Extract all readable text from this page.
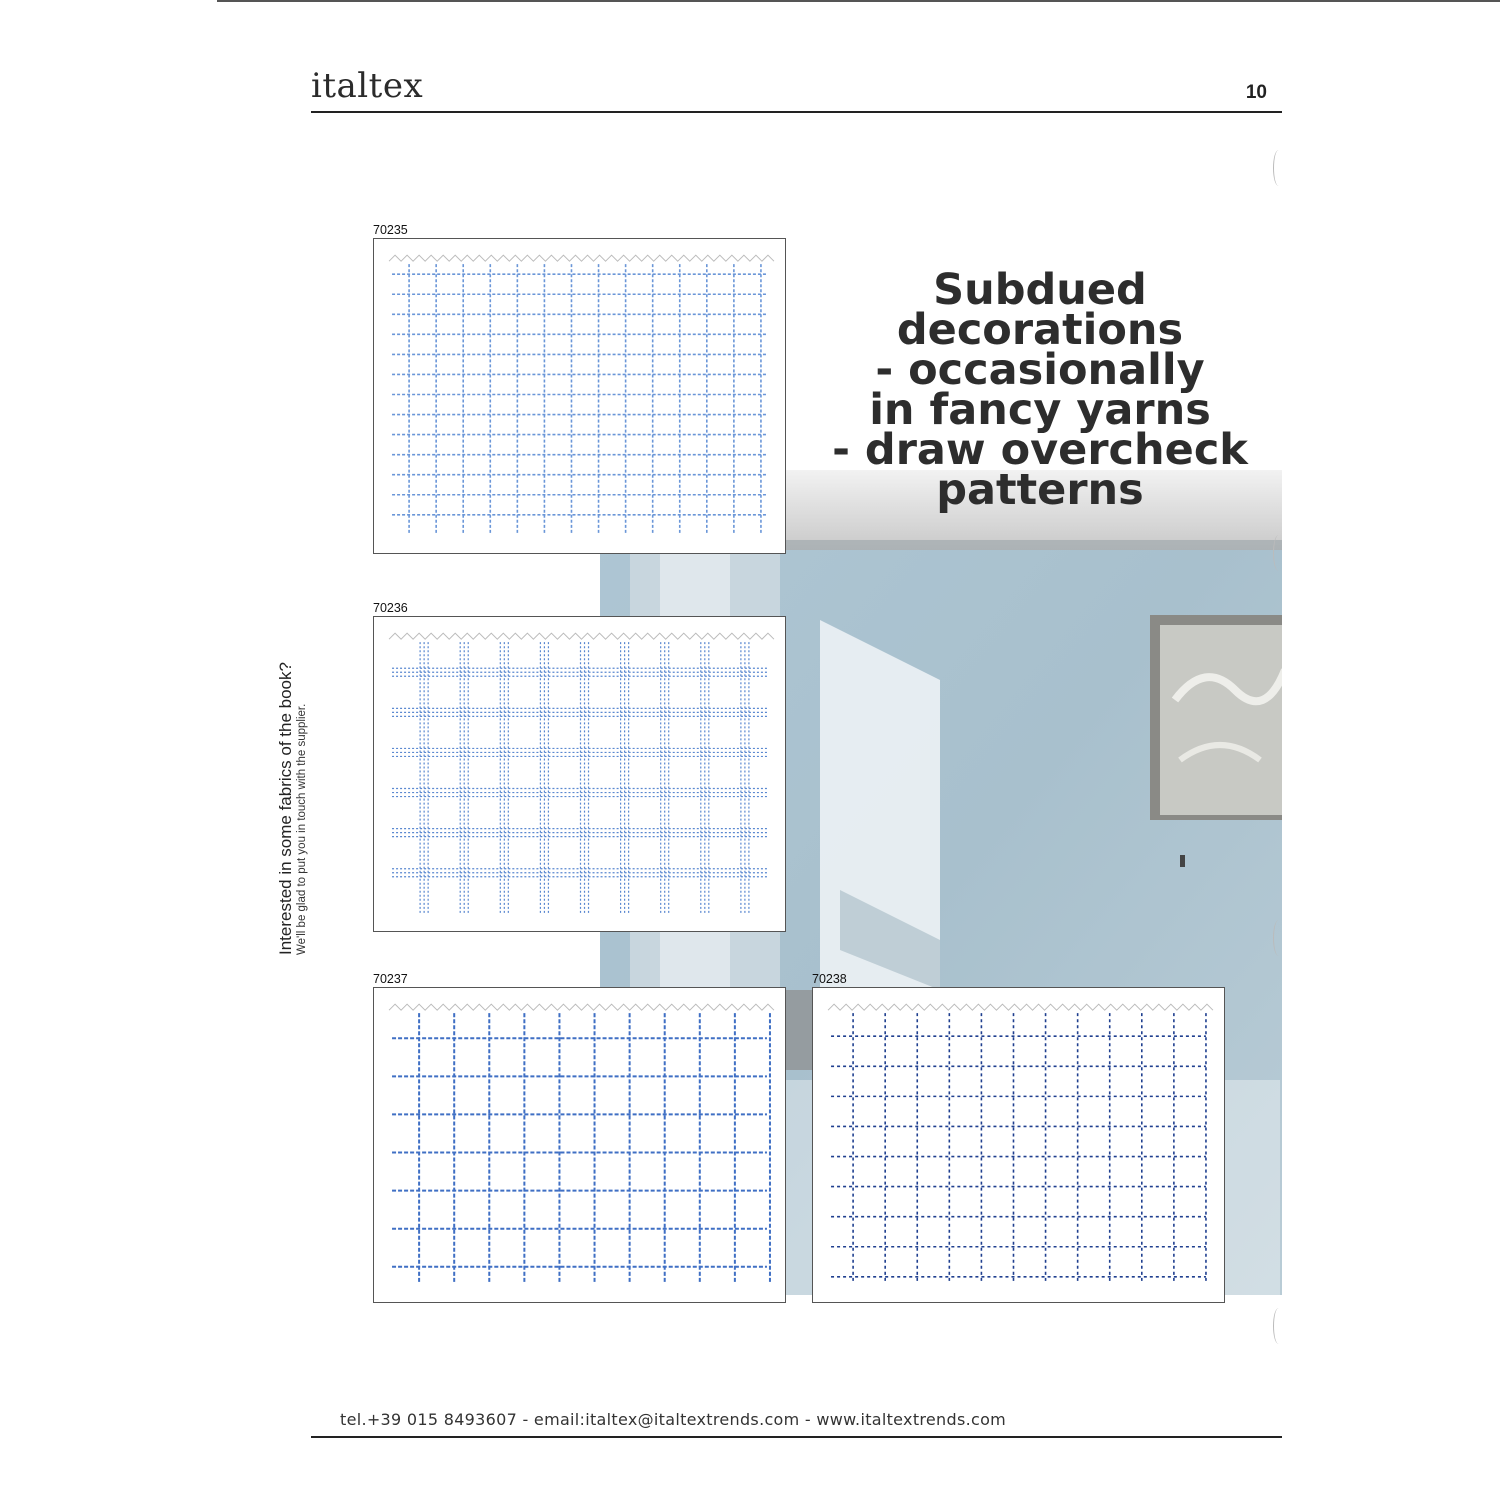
italtex	10
Subdued
decorations
- occasionally
in fancy yarns
- draw overcheck
patterns
Interested in some fabrics of the book? We'll be glad to put you in touch with the supplier.
70235
70236
70237	70238
tel.+39 015 8493607 - email:italtex@italtextrends.com - www.italtextrends.com
